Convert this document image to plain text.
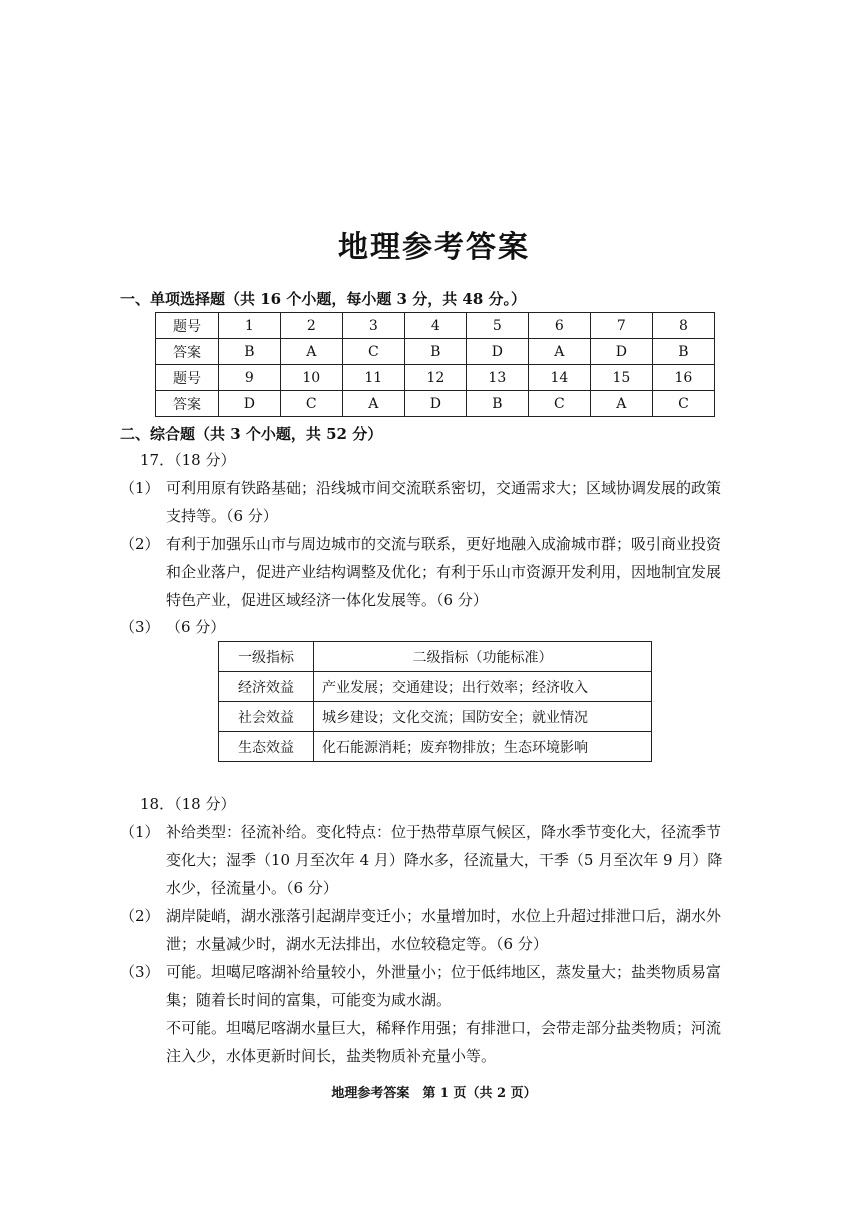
地理参考答案
一、单项选择题（共 16 个小题，每小题 3 分，共 48 分。）
题号	1	2	3	4	5	6	7	8
答案	B	A	C	B	D	A	D	B
题号	9	10	11	12	13	14	15	16
答案	D	C	A	D	B	C	A	C
二、综合题（共 3 个小题，共 52 分）
17．（18 分）
（1） 可利用原有铁路基础；沿线城市间交流联系密切，交通需求大；区域协调发展的政策支持等。（6 分）
（2） 有利于加强乐山市与周边城市的交流与联系，更好地融入成渝城市群；吸引商业投资和企业落户，促进产业结构调整及优化；有利于乐山市资源开发利用，因地制宜发展特色产业，促进区域经济一体化发展等。（6 分）
（3） （6 分）
一级指标	二级指标（功能标准）
经济效益	产业发展；交通建设；出行效率；经济收入
社会效益	城乡建设；文化交流；国防安全；就业情况
生态效益	化石能源消耗；废弃物排放；生态环境影响
18．（18 分）
（1） 补给类型：径流补给。变化特点：位于热带草原气候区，降水季节变化大，径流季节变化大；湿季（10 月至次年 4 月）降水多，径流量大，干季（5 月至次年 9 月）降水少，径流量小。（6 分）
（2） 湖岸陡峭，湖水涨落引起湖岸变迁小；水量增加时，水位上升超过排泄口后，湖水外泄；水量减少时，湖水无法排出，水位较稳定等。（6 分）
（3） 可能。坦噶尼喀湖补给量较小，外泄量小；位于低纬地区，蒸发量大；盐类物质易富集；随着长时间的富集，可能变为咸水湖。
不可能。坦噶尼喀湖水量巨大，稀释作用强；有排泄口，会带走部分盐类物质；河流注入少，水体更新时间长，盐类物质补充量小等。
地理参考答案　第 1 页（共 2 页）
